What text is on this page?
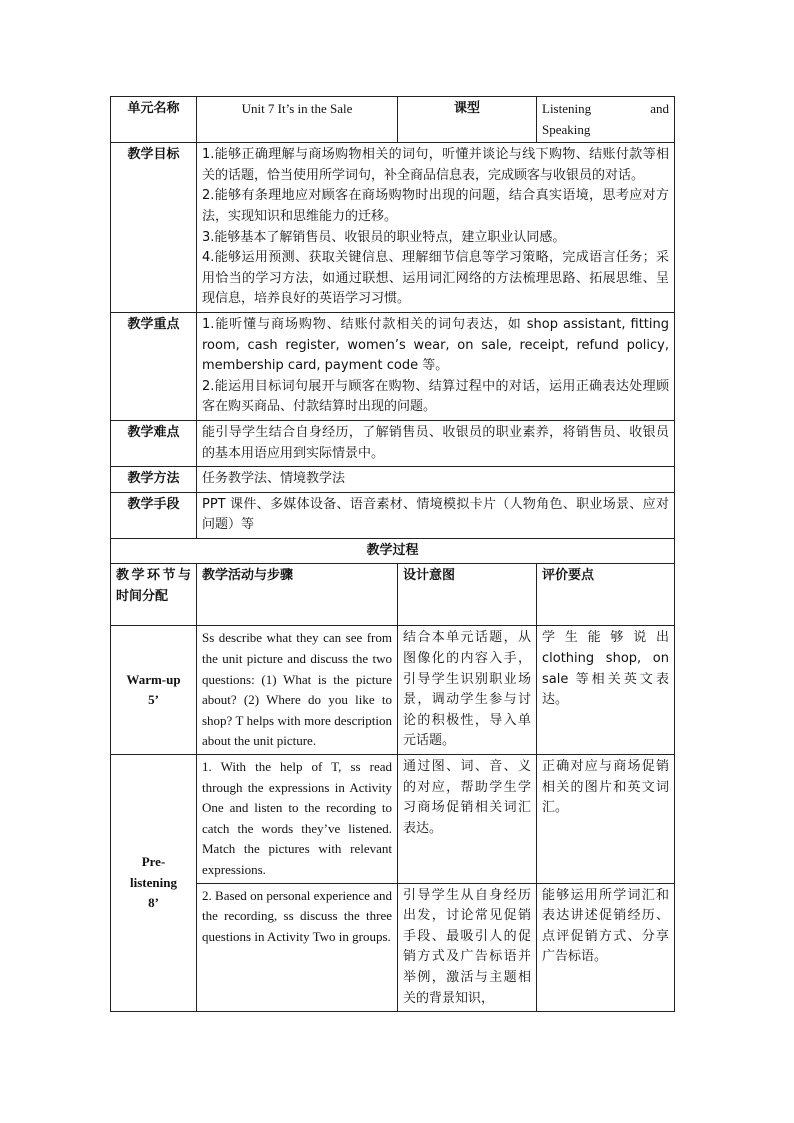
单元名称	Unit 7 It’s in the Sale	课型	Listening and
Speaking

教学目标	1.能够正确理解与商场购物相关的词句，听懂并谈论与线下购物、结账付款等相关的话题，恰当使用所学词句，补全商品信息表，完成顾客与收银员的对话。

2.能够有条理地应对顾客在商场购物时出现的问题，结合真实语境，思考应对方法，实现知识和思维能力的迁移。

3.能够基本了解销售员、收银员的职业特点，建立职业认同感。

4.能够运用预测、获取关键信息、理解细节信息等学习策略，完成语言任务；采用恰当的学习方法，如通过联想、运用词汇网络的方法梳理思路、拓展思维、呈现信息，培养良好的英语学习习惯。		

教学重点	1.能听懂与商场购物、结账付款相关的词句表达，如 shop assistant, fitting room, cash register, women’s wear, on sale, receipt, refund policy, membership card, payment code 等。

2.能运用目标词句展开与顾客在购物、结算过程中的对话，运用正确表达处理顾客在购买商品、付款结算时出现的问题。		

教学难点	能引导学生结合自身经历，了解销售员、收银员的职业素养，将销售员、收银员的基本用语应用到实际情景中。		
教学方法	任务教学法、情境教学法		
教学手段	PPT 课件、多媒体设备、语音素材、情境模拟卡片（人物角色、职业场景、应对问题）等		
教学过程			
教学环节与时间分配	教学活动与步骤	设计意图	评价要点

Warm-up
5’	Ss describe what they can see from the unit picture and discuss the two questions: (1) What is the picture about? (2) Where do you like to shop? T helps with more description about the unit picture.	结合本单元话题，从图像化的内容入手，引导学生识别职业场景，调动学生参与讨论的积极性，导入单元话题。	学生能够说出 clothing shop, on sale 等相关英文表达。

Pre-
listening
8’	1. With the help of T, ss read through the expressions in Activity One and listen to the recording to catch the words they’ve listened. Match the pictures with relevant expressions.	通过图、词、音、义的对应，帮助学生学习商场促销相关词汇表达。	正确对应与商场促销相关的图片和英文词汇。
	2. Based on personal experience and the recording, ss discuss the three questions in Activity Two in groups.	引导学生从自身经历出发，讨论常见促销手段、最吸引人的促销方式及广告标语并举例，激活与主题相关的背景知识，	能够运用所学词汇和表达讲述促销经历、点评促销方式、分享广告标语。
